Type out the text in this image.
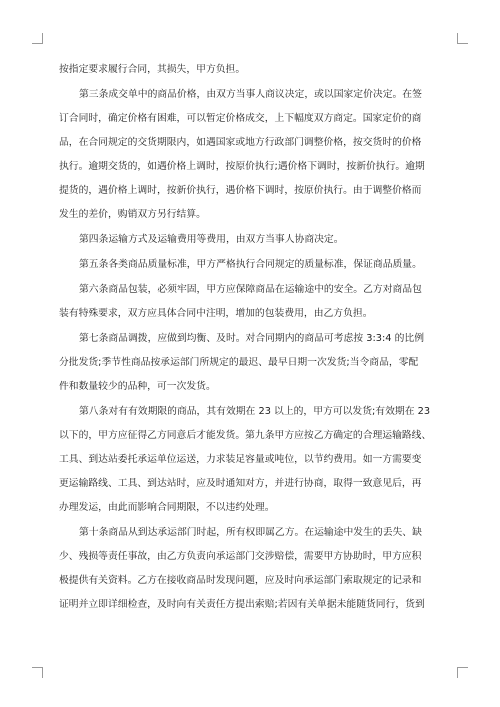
按指定要求履行合同，其损失，甲方负担。
第三条成交单中的商品价格，由双方当事人商议决定，或以国家定价决定。在签
订合同时，确定价格有困难，可以暂定价格成交，上下幅度双方商定。国家定价的商
品，在合同规定的交货期限内，如遇国家或地方行政部门调整价格，按交货时的价格
执行。逾期交货的，如遇价格上调时，按原价执行;遇价格下调时，按新价执行。逾期
提货的，遇价格上调时，按新价执行，遇价格下调时，按原价执行。由于调整价格而
发生的差价，购销双方另行结算。
第四条运输方式及运输费用等费用，由双方当事人协商决定。
第五条各类商品质量标准，甲方严格执行合同规定的质量标准，保证商品质量。
第六条商品包装，必须牢固，甲方应保障商品在运输途中的安全。乙方对商品包
装有特殊要求，双方应具体合同中注明，增加的包装费用，由乙方负担。
第七条商品调拨，应做到均衡、及时。对合同期内的商品可考虑按 3:3:4 的比例
分批发货;季节性商品按承运部门所规定的最迟、最早日期一次发货;当令商品，零配
件和数量较少的品种，可一次发货。
第八条对有有效期限的商品，其有效期在 23 以上的，甲方可以发货;有效期在 23
以下的，甲方应征得乙方同意后才能发货。第九条甲方应按乙方确定的合理运输路线、
工具、到达站委托承运单位运送，力求装足容量或吨位，以节约费用。如一方需要变
更运输路线、工具、到达站时，应及时通知对方，并进行协商，取得一致意见后，再
办理发运，由此而影响合同期限，不以违约处理。
第十条商品从到达承运部门时起，所有权即属乙方。在运输途中发生的丢失、缺
少、残损等责任事故，由乙方负责向承运部门交涉赔偿，需要甲方协助时，甲方应积
极提供有关资料。乙方在接收商品时发现问题，应及时向承运部门索取规定的记录和
证明并立即详细检查，及时向有关责任方提出索赔;若因有关单据未能随货同行，货到
